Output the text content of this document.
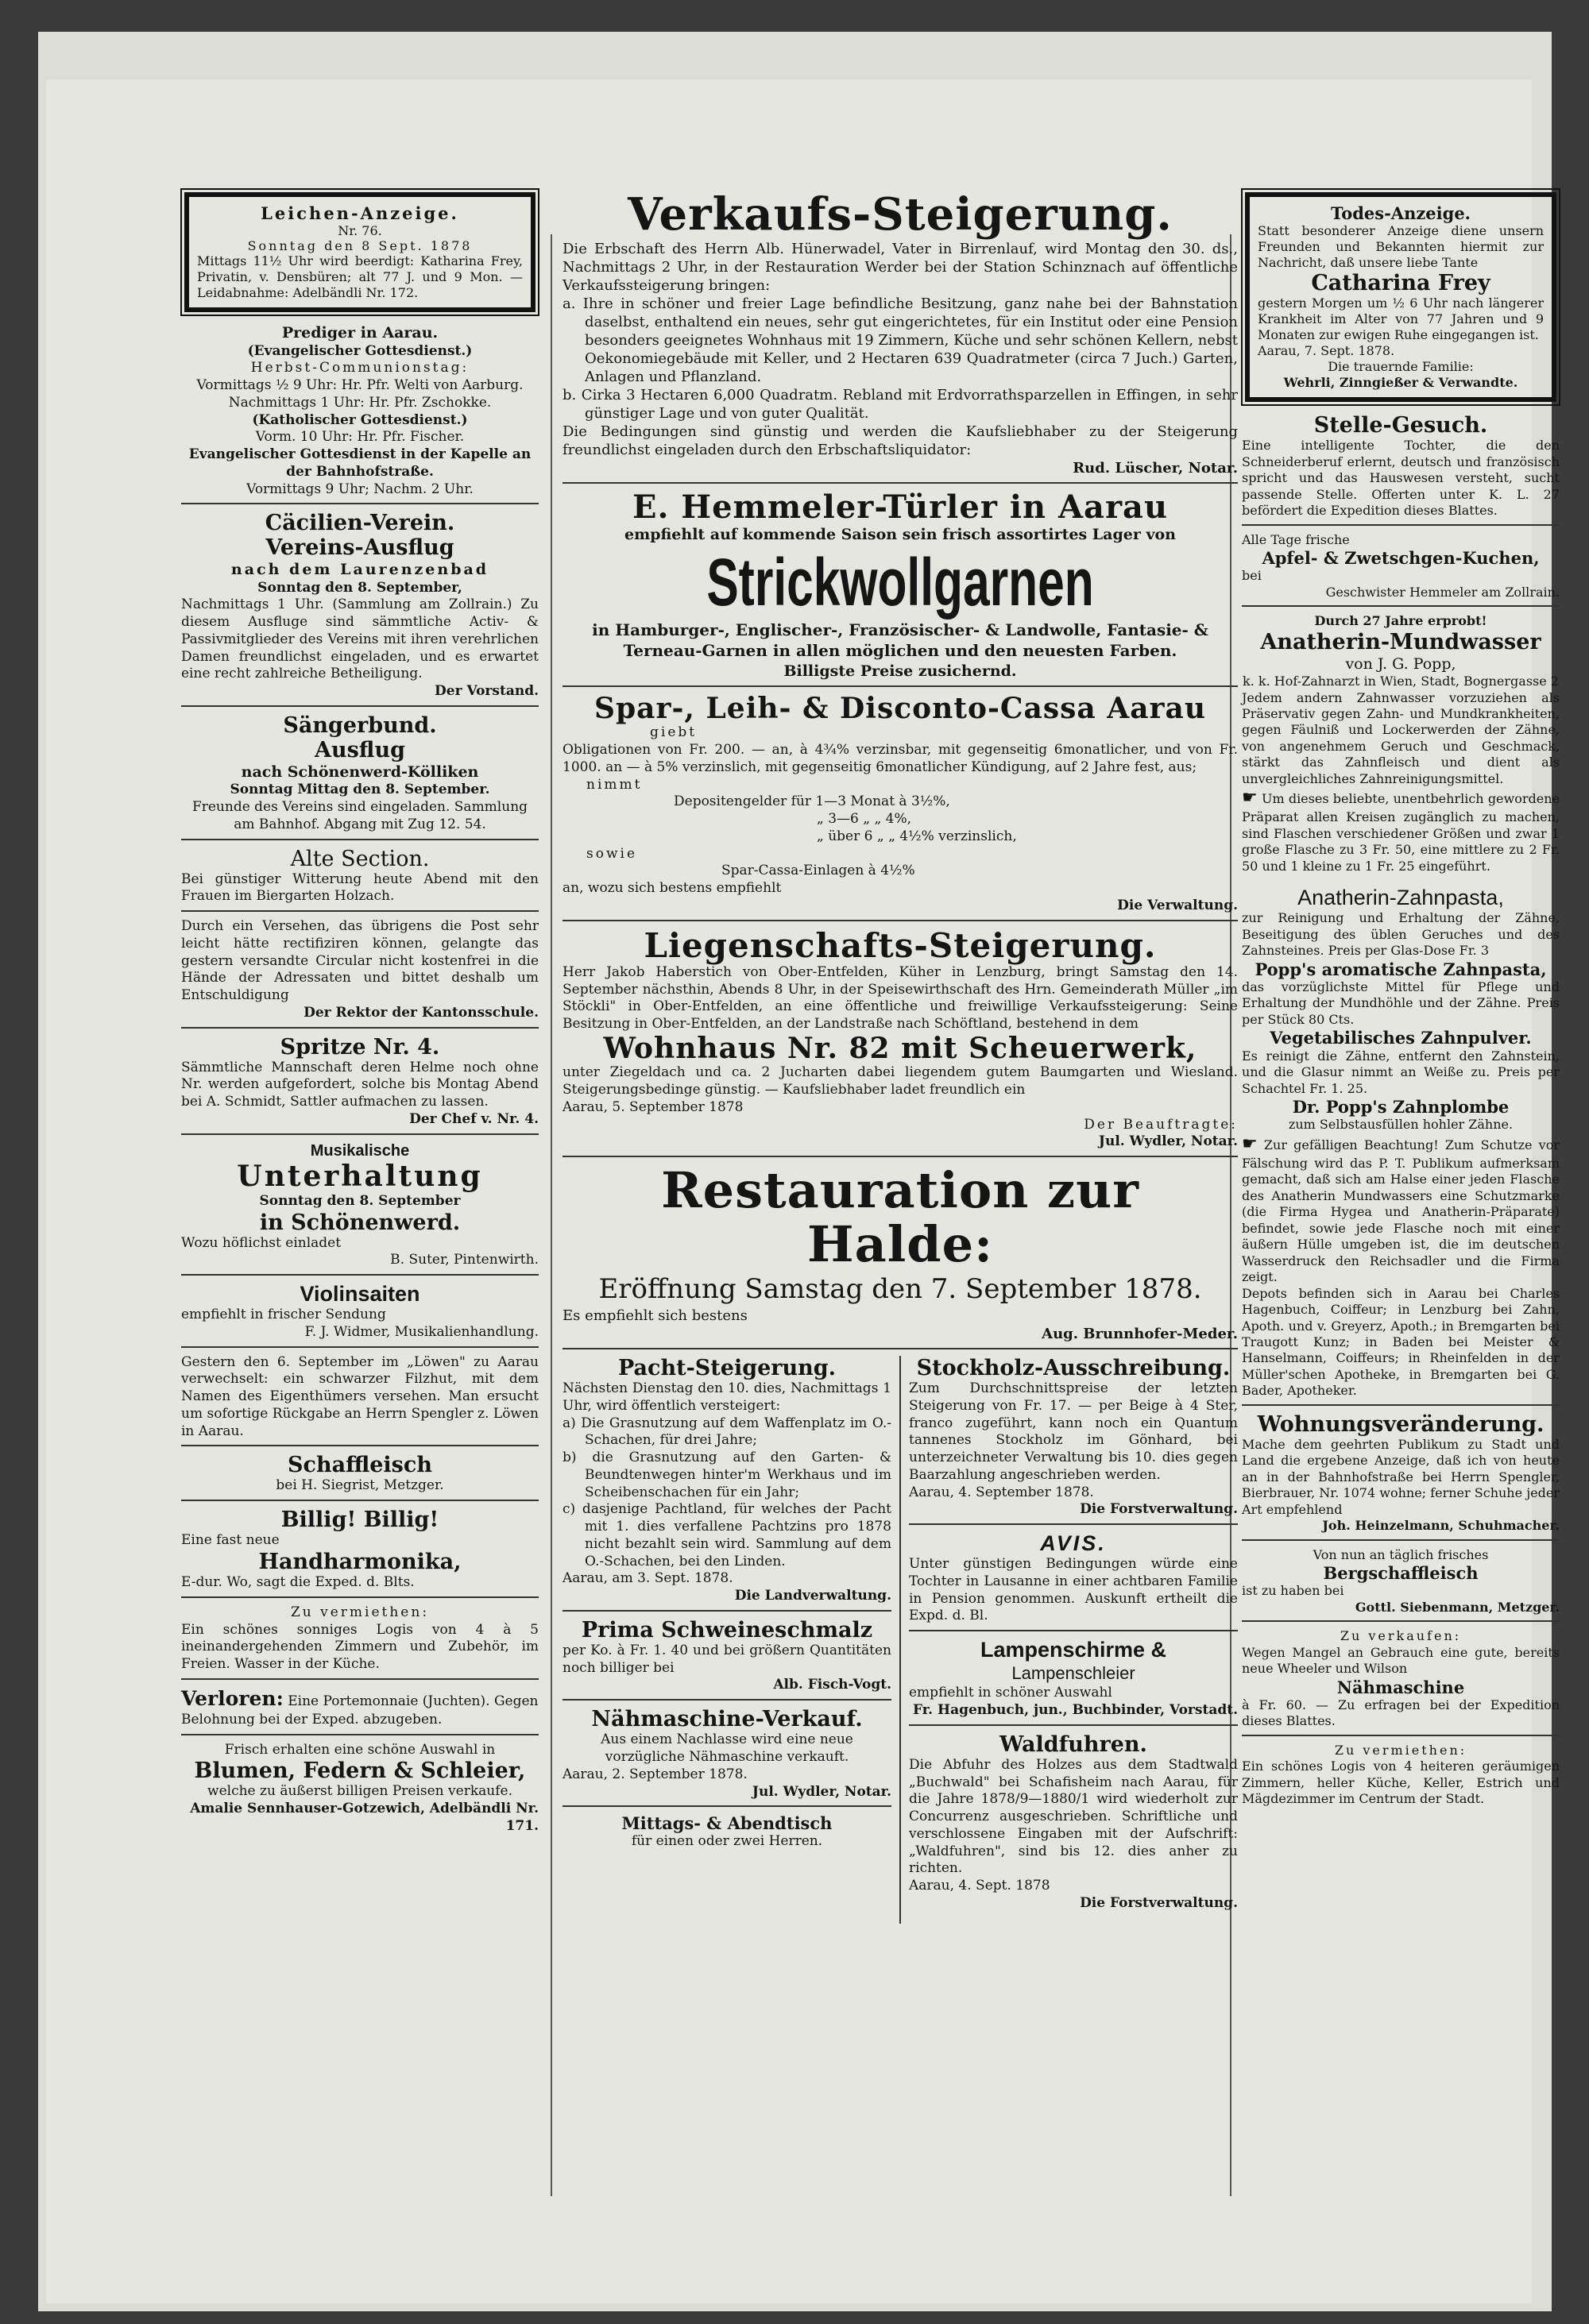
Leichen-Anzeige.
Nr. 76.
Sonntag den 8 Sept. 1878
Mittags 11½ Uhr wird beerdigt: Katharina Frey, Privatin, v. Densbüren; alt 77 J. und 9 Mon. — Leidabnahme: Adelbändli Nr. 172.
Prediger in Aarau.
(Evangelischer Gottesdienst.)
Herbst-Communionstag:
Vormittags ½ 9 Uhr: Hr. Pfr. Welti von Aarburg.
Nachmittags 1 Uhr: Hr. Pfr. Zschokke.
(Katholischer Gottesdienst.)
Vorm. 10 Uhr: Hr. Pfr. Fischer.
Evangelischer Gottesdienst in der Kapelle an der Bahnhofstraße.
Vormittags 9 Uhr; Nachm. 2 Uhr.
Cäcilien-Verein.
Vereins-Ausflug
nach dem Laurenzenbad
Sonntag den 8. September,
Nachmittags 1 Uhr. (Sammlung am Zollrain.) Zu diesem Ausfluge sind sämmtliche Activ- & Passivmitglieder des Vereins mit ihren verehrlichen Damen freundlichst eingeladen, und es erwartet eine recht zahlreiche Betheiligung.
Der Vorstand.
Sängerbund.
Ausflug
nach Schönenwerd-Kölliken
Sonntag Mittag den 8. September.
Freunde des Vereins sind eingeladen. Sammlung am Bahnhof. Abgang mit Zug 12. 54.
Alte Section.
Bei günstiger Witterung heute Abend mit den Frauen im Biergarten Holzach.
Durch ein Versehen, das übrigens die Post sehr leicht hätte rectifiziren können, gelangte das gestern versandte Circular nicht kostenfrei in die Hände der Adressaten und bittet deshalb um Entschuldigung
Der Rektor der Kantonsschule.
Spritze Nr. 4.
Sämmtliche Mannschaft deren Helme noch ohne Nr. werden aufgefordert, solche bis Montag Abend bei A. Schmidt, Sattler aufmachen zu lassen.
Der Chef v. Nr. 4.
Musikalische
Unterhaltung
Sonntag den 8. September
in Schönenwerd.
Wozu höflichst einladet
B. Suter, Pintenwirth.
Violinsaiten
empfiehlt in frischer Sendung
F. J. Widmer, Musikalienhandlung.
Gestern den 6. September im „Löwen" zu Aarau verwechselt: ein schwarzer Filzhut, mit dem Namen des Eigenthümers versehen. Man ersucht um sofortige Rückgabe an Herrn Spengler z. Löwen in Aarau.
Schaffleisch
bei H. Siegrist, Metzger.
Billig! Billig!
Eine fast neue
Handharmonika,
E-dur. Wo, sagt die Exped. d. Blts.
Zu vermiethen:
Ein schönes sonniges Logis von 4 à 5 ineinandergehenden Zimmern und Zubehör, im Freien. Wasser in der Küche.
Verloren: Eine Portemonnaie (Juchten). Gegen Belohnung bei der Exped. abzugeben.
Frisch erhalten eine schöne Auswahl in
Blumen, Federn & Schleier,
welche zu äußerst billigen Preisen verkaufe.
Amalie Sennhauser-Gotzewich, Adelbändli Nr. 171.
Verkaufs-Steigerung.
Die Erbschaft des Herrn Alb. Hünerwadel, Vater in Birrenlauf, wird Montag den 30. ds., Nachmittags 2 Uhr, in der Restauration Werder bei der Station Schinznach auf öffentliche Verkaufssteigerung bringen:
a. Ihre in schöner und freier Lage befindliche Besitzung, ganz nahe bei der Bahnstation daselbst, enthaltend ein neues, sehr gut eingerichtetes, für ein Institut oder eine Pension besonders geeignetes Wohnhaus mit 19 Zimmern, Küche und sehr schönen Kellern, nebst Oekonomiegebäude mit Keller, und 2 Hectaren 639 Quadratmeter (circa 7 Juch.) Garten, Anlagen und Pflanzland.
b. Cirka 3 Hectaren 6,000 Quadratm. Rebland mit Erdvorrathsparzellen in Effingen, in sehr günstiger Lage und von guter Qualität.
Die Bedingungen sind günstig und werden die Kaufsliebhaber zu der Steigerung freundlichst eingeladen durch den Erbschaftsliquidator:
Rud. Lüscher, Notar.
E. Hemmeler-Türler in Aarau
empfiehlt auf kommende Saison sein frisch assortirtes Lager von
Strickwollgarnen
in Hamburger-, Englischer-, Französischer- & Landwolle, Fantasie- & Terneau-Garnen in allen möglichen und den neuesten Farben.
Billigste Preise zusichernd.
Spar-, Leih- & Disconto-Cassa Aarau
giebt
Obligationen von Fr. 200. — an, à 4¾% verzinsbar, mit gegenseitig 6monatlicher, und von Fr. 1000. an — à 5% verzinslich, mit gegenseitig 6monatlicher Kündigung, auf 2 Jahre fest, aus;
nimmt
Depositengelder für 1—3 Monat à 3½%,
„ 3—6 „ „ 4%,
„ über 6 „ „ 4½% verzinslich,
sowie
Spar-Cassa-Einlagen à 4½%
an, wozu sich bestens empfiehlt
Die Verwaltung.
Liegenschafts-Steigerung.
Herr Jakob Haberstich von Ober-Entfelden, Küher in Lenzburg, bringt Samstag den 14. September nächsthin, Abends 8 Uhr, in der Speisewirthschaft des Hrn. Gemeinderath Müller „im Stöckli" in Ober-Entfelden, an eine öffentliche und freiwillige Verkaufssteigerung: Seine Besitzung in Ober-Entfelden, an der Landstraße nach Schöftland, bestehend in dem
Wohnhaus Nr. 82 mit Scheuerwerk,
unter Ziegeldach und ca. 2 Jucharten dabei liegendem gutem Baumgarten und Wiesland. Steigerungsbedinge günstig. — Kaufsliebhaber ladet freundlich ein
Aarau, 5. September 1878
Der Beauftragte:
Jul. Wydler, Notar.
Restauration zur Halde:
Eröffnung Samstag den 7. September 1878.
Es empfiehlt sich bestens
Aug. Brunnhofer-Meder.
Pacht-Steigerung.
Nächsten Dienstag den 10. dies, Nachmittags 1 Uhr, wird öffentlich versteigert:
a) Die Grasnutzung auf dem Waffenplatz im O.-Schachen, für drei Jahre;
b) die Grasnutzung auf den Garten- & Beundtenwegen hinter'm Werkhaus und im Scheibenschachen für ein Jahr;
c) dasjenige Pachtland, für welches der Pacht mit 1. dies verfallene Pachtzins pro 1878 nicht bezahlt sein wird. Sammlung auf dem O.-Schachen, bei den Linden.
Aarau, am 3. Sept. 1878.
Die Landverwaltung.
Prima Schweineschmalz
per Ko. à Fr. 1. 40 und bei größern Quantitäten noch billiger bei
Alb. Fisch-Vogt.
Nähmaschine-Verkauf.
Aus einem Nachlasse wird eine neue vorzügliche Nähmaschine verkauft.
Aarau, 2. September 1878.
Jul. Wydler, Notar.
Mittags- & Abendtisch
für einen oder zwei Herren.
Stockholz-Ausschreibung.
Zum Durchschnittspreise der letzten Steigerung von Fr. 17. — per Beige à 4 Ster, franco zugeführt, kann noch ein Quantum tannenes Stockholz im Gönhard, bei unterzeichneter Verwaltung bis 10. dies gegen Baarzahlung angeschrieben werden.
Aarau, 4. September 1878.
Die Forstverwaltung.
AVIS.
Unter günstigen Bedingungen würde eine Tochter in Lausanne in einer achtbaren Familie in Pension genommen. Auskunft ertheilt die Expd. d. Bl.
Lampenschirme &
Lampenschleier
empfiehlt in schöner Auswahl
Fr. Hagenbuch, jun., Buchbinder, Vorstadt.
Waldfuhren.
Die Abfuhr des Holzes aus dem Stadtwald „Buchwald" bei Schafisheim nach Aarau, für die Jahre 1878/9—1880/1 wird wiederholt zur Concurrenz ausgeschrieben. Schriftliche und verschlossene Eingaben mit der Aufschrift: „Waldfuhren", sind bis 12. dies anher zu richten.
Aarau, 4. Sept. 1878
Die Forstverwaltung.
Todes-Anzeige.
Statt besonderer Anzeige diene unsern Freunden und Bekannten hiermit zur Nachricht, daß unsere liebe Tante
Catharina Frey
gestern Morgen um ½ 6 Uhr nach längerer Krankheit im Alter von 77 Jahren und 9 Monaten zur ewigen Ruhe eingegangen ist.
Aarau, 7. Sept. 1878.
Die trauernde Familie:
Wehrli, Zinngießer & Verwandte.
Stelle-Gesuch.
Eine intelligente Tochter, die den Schneiderberuf erlernt, deutsch und französisch spricht und das Hauswesen versteht, sucht passende Stelle. Offerten unter K. L. 27 befördert die Expedition dieses Blattes.
Alle Tage frische
Apfel- & Zwetschgen-Kuchen,
bei
Geschwister Hemmeler am Zollrain.
Durch 27 Jahre erprobt!
Anatherin-Mundwasser
von J. G. Popp,
k. k. Hof-Zahnarzt in Wien, Stadt, Bognergasse 2
Jedem andern Zahnwasser vorzuziehen als Präservativ gegen Zahn- und Mundkrankheiten, gegen Fäulniß und Lockerwerden der Zähne, von angenehmem Geruch und Geschmack, stärkt das Zahnfleisch und dient als unvergleichliches Zahnreinigungsmittel.
☛ Um dieses beliebte, unentbehrlich gewordene Präparat allen Kreisen zugänglich zu machen, sind Flaschen verschiedener Größen und zwar 1 große Flasche zu 3 Fr. 50, eine mittlere zu 2 Fr. 50 und 1 kleine zu 1 Fr. 25 eingeführt.
Anatherin-Zahnpasta,
zur Reinigung und Erhaltung der Zähne, Beseitigung des üblen Geruches und des Zahnsteines. Preis per Glas-Dose Fr. 3
Popp's aromatische Zahnpasta,
das vorzüglichste Mittel für Pflege und Erhaltung der Mundhöhle und der Zähne. Preis per Stück 80 Cts.
Vegetabilisches Zahnpulver.
Es reinigt die Zähne, entfernt den Zahnstein, und die Glasur nimmt an Weiße zu. Preis per Schachtel Fr. 1. 25.
Dr. Popp's Zahnplombe
zum Selbstausfüllen hohler Zähne.
☛ Zur gefälligen Beachtung! Zum Schutze vor Fälschung wird das P. T. Publikum aufmerksam gemacht, daß sich am Halse einer jeden Flasche des Anatherin Mundwassers eine Schutzmarke (die Firma Hygea und Anatherin-Präparate) befindet, sowie jede Flasche noch mit einer äußern Hülle umgeben ist, die im deutschen Wasserdruck den Reichsadler und die Firma zeigt.
Depots befinden sich in Aarau bei Charles Hagenbuch, Coiffeur; in Lenzburg bei Zahn, Apoth. und v. Greyerz, Apoth.; in Bremgarten bei Traugott Kunz; in Baden bei Meister & Hanselmann, Coiffeurs; in Rheinfelden in der Müller'schen Apotheke, in Bremgarten bei G. Bader, Apotheker.
Wohnungsveränderung.
Mache dem geehrten Publikum zu Stadt und Land die ergebene Anzeige, daß ich von heute an in der Bahnhofstraße bei Herrn Spengler, Bierbrauer, Nr. 1074 wohne; ferner Schuhe jeder Art empfehlend
Joh. Heinzelmann, Schuhmacher.
Von nun an täglich frisches
Bergschaffleisch
ist zu haben bei
Gottl. Siebenmann, Metzger.
Zu verkaufen:
Wegen Mangel an Gebrauch eine gute, bereits neue Wheeler und Wilson
Nähmaschine
à Fr. 60. — Zu erfragen bei der Expedition dieses Blattes.
Zu vermiethen:
Ein schönes Logis von 4 heiteren geräumigen Zimmern, heller Küche, Keller, Estrich und Mägdezimmer im Centrum der Stadt.
